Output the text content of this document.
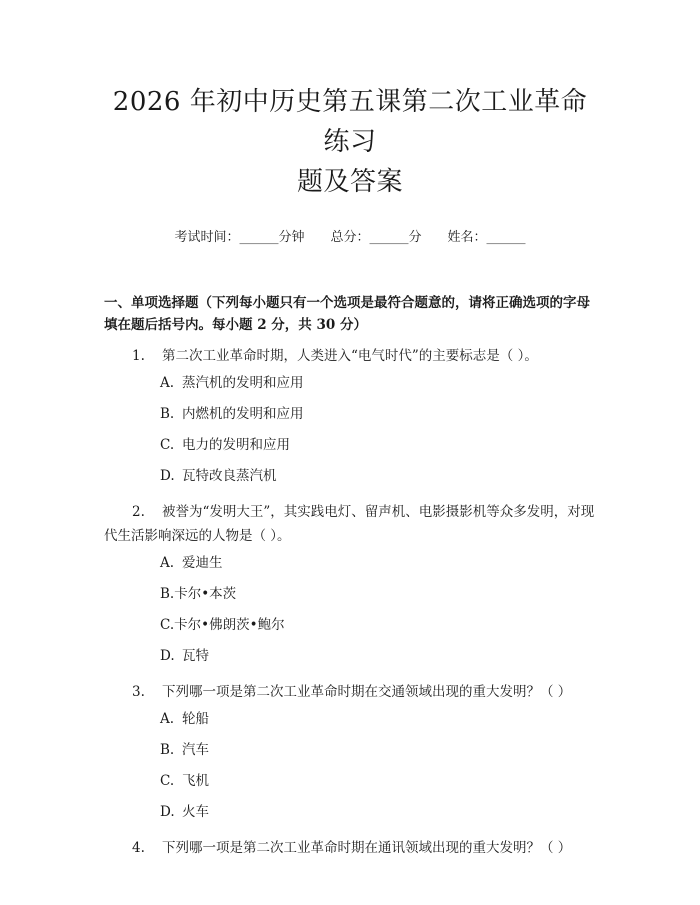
2026 年初中历史第五课第二次工业革命练习
题及答案
考试时间：______分钟 总分：______分 姓名：______
一、单项选择题（下列每小题只有一个选项是最符合题意的，请将正确选项的字母填在题后括号内。每小题 2 分，共 30 分）
1. 第二次工业革命时期，人类进入“电气时代”的主要标志是（ ）。
A. 蒸汽机的发明和应用
B. 内燃机的发明和应用
C. 电力的发明和应用
D. 瓦特改良蒸汽机
2. 被誉为“发明大王”，其实践电灯、留声机、电影摄影机等众多发明，对现代生活影响深远的人物是（ ）。
A. 爱迪生
B.卡尔•本茨
C.卡尔•佛朗茨•鲍尔
D. 瓦特
3. 下列哪一项是第二次工业革命时期在交通领域出现的重大发明？（ ）
A. 轮船
B. 汽车
C. 飞机
D. 火车
4. 下列哪一项是第二次工业革命时期在通讯领域出现的重大发明？（ ）
